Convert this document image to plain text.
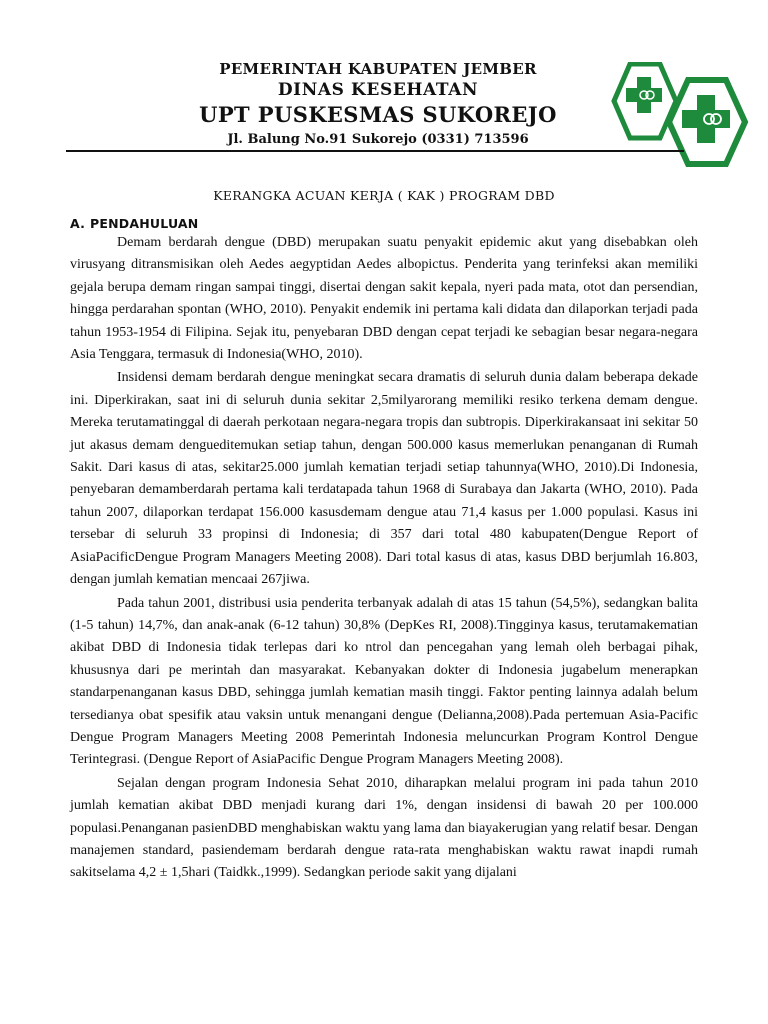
PEMERINTAH KABUPATEN JEMBER
DINAS KESEHATAN
UPT PUSKESMAS SUKOREJO
Jl. Balung No.91 Sukorejo (0331) 713596
KERANGKA ACUAN KERJA ( KAK ) PROGRAM DBD
A. PENDAHULUAN

Demam berdarah dengue (DBD) merupakan suatu penyakit epidemic akut yang disebabkan oleh virusyang ditransmisikan oleh Aedes aegyptidan Aedes albopictus. Penderita yang terinfeksi akan memiliki gejala berupa demam ringan sampai tinggi, disertai dengan sakit kepala, nyeri pada mata, otot dan persendian, hingga perdarahan spontan (WHO, 2010). Penyakit endemik ini pertama kali didata dan dilaporkan terjadi pada tahun 1953-1954 di Filipina. Sejak itu, penyebaran DBD dengan cepat terjadi ke sebagian besar negara-negara Asia Tenggara, termasuk di Indonesia(WHO, 2010).

Insidensi demam berdarah dengue meningkat secara dramatis di seluruh dunia dalam beberapa dekade ini. Diperkirakan, saat ini di seluruh dunia sekitar 2,5milyarorang memiliki resiko terkena demam dengue. Mereka terutamatinggal di daerah perkotaan negara-negara tropis dan subtropis. Diperkirakansaat ini sekitar 50 jut akasus demam dengueditemukan setiap tahun, dengan 500.000 kasus memerlukan penanganan di Rumah Sakit. Dari kasus di atas, sekitar25.000 jumlah kematian terjadi setiap tahunnya(WHO, 2010).Di Indonesia, penyebaran demamberdarah pertama kali terdatapada tahun 1968 di Surabaya dan Jakarta (WHO, 2010). Pada tahun 2007, dilaporkan terdapat 156.000 kasusdemam dengue atau 71,4 kasus per 1.000 populasi. Kasus ini tersebar di seluruh 33 propinsi di Indonesia; di 357 dari total 480 kabupaten(Dengue Report of AsiaPacificDengue Program Managers Meeting 2008). Dari total kasus di atas, kasus DBD berjumlah 16.803, dengan jumlah kematian mencaai 267jiwa.

Pada tahun 2001, distribusi usia penderita terbanyak adalah di atas 15 tahun (54,5%), sedangkan balita (1-5 tahun) 14,7%, dan anak-anak (6-12 tahun) 30,8% (DepKes RI, 2008).Tingginya kasus, terutamakematian akibat DBD di Indonesia tidak terlepas dari ko ntrol dan pencegahan yang lemah oleh berbagai pihak, khususnya dari pe merintah dan masyarakat. Kebanyakan dokter di Indonesia jugabelum menerapkan standarpenanganan kasus DBD, sehingga jumlah kematian masih tinggi. Faktor penting lainnya adalah belum tersedianya obat spesifik atau vaksin untuk menangani dengue (Delianna,2008).Pada pertemuan Asia-Pacific Dengue Program Managers Meeting 2008 Pemerintah Indonesia meluncurkan Program Kontrol Dengue Terintegrasi. (Dengue Report of AsiaPacific Dengue Program Managers Meeting 2008).

Sejalan dengan program Indonesia Sehat 2010, diharapkan melalui program ini pada tahun 2010 jumlah kematian akibat DBD menjadi kurang dari 1%, dengan insidensi di bawah 20 per 100.000 populasi.Penanganan pasienDBD menghabiskan waktu yang lama dan biayakerugian yang relatif besar. Dengan manajemen standard, pasiendemam berdarah dengue rata-rata menghabiskan waktu rawat inapdi rumah sakitselama 4,2 ± 1,5hari (Taidkk.,1999). Sedangkan periode sakit yang dijalani
